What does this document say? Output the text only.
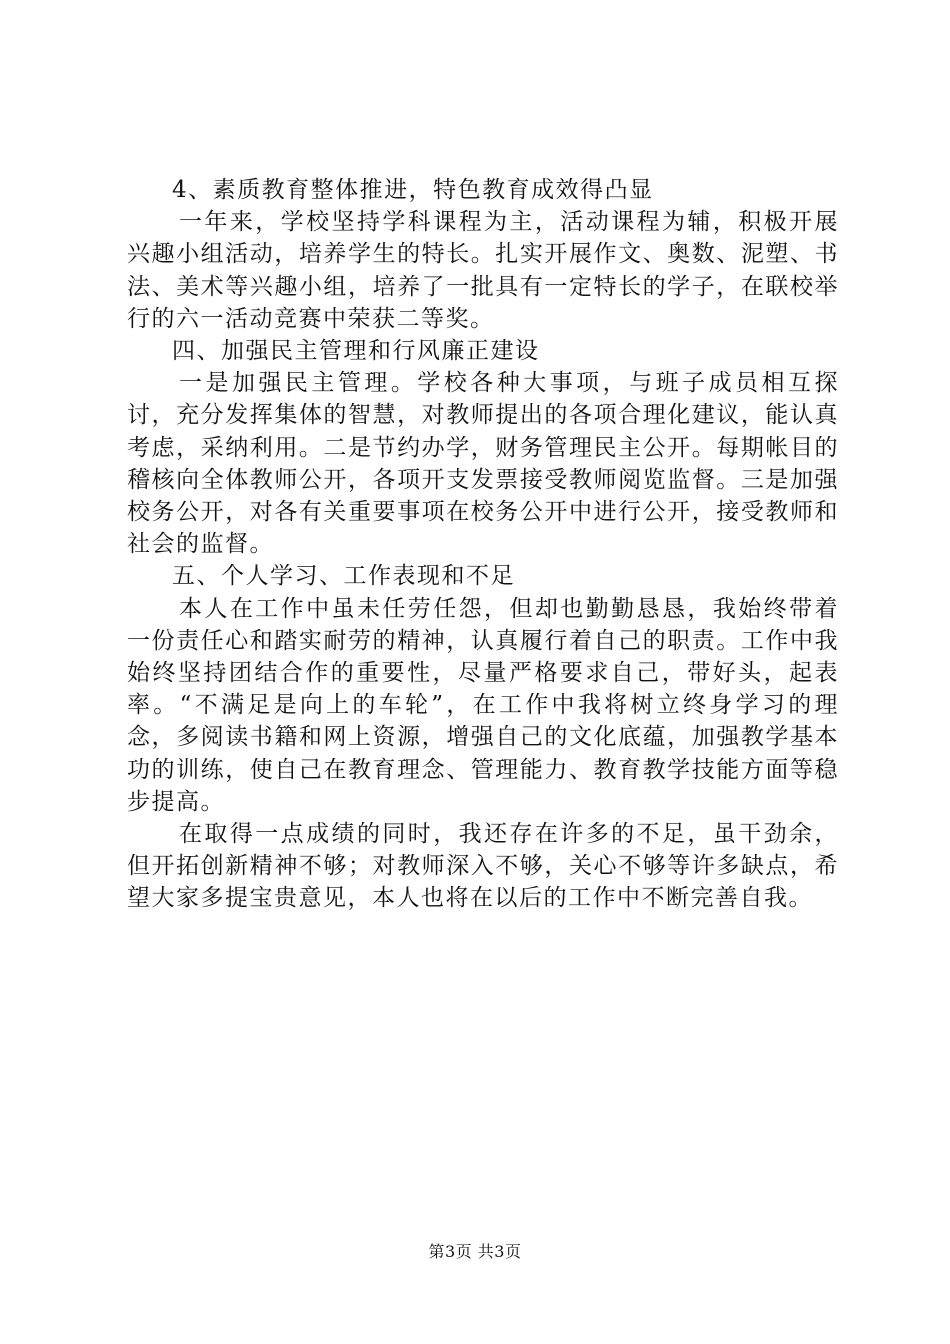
4、素质教育整体推进，特色教育成效得凸显

一年来，学校坚持学科课程为主，活动课程为辅，积极开展兴趣小组活动，培养学生的特长。扎实开展作文、奥数、泥塑、书法、美术等兴趣小组，培养了一批具有一定特长的学子，在联校举行的六一活动竞赛中荣获二等奖。

四、加强民主管理和行风廉正建设

一是加强民主管理。学校各种大事项，与班子成员相互探讨，充分发挥集体的智慧，对教师提出的各项合理化建议，能认真考虑，采纳利用。二是节约办学，财务管理民主公开。每期帐目的稽核向全体教师公开，各项开支发票接受教师阅览监督。三是加强校务公开，对各有关重要事项在校务公开中进行公开，接受教师和社会的监督。

五、个人学习、工作表现和不足

本人在工作中虽未任劳任怨，但却也勤勤恳恳，我始终带着一份责任心和踏实耐劳的精神，认真履行着自己的职责。工作中我始终坚持团结合作的重要性，尽量严格要求自己，带好头，起表率。“不满足是向上的车轮”，在工作中我将树立终身学习的理念，多阅读书籍和网上资源，增强自己的文化底蕴，加强教学基本功的训练，使自己在教育理念、管理能力、教育教学技能方面等稳步提高。

在取得一点成绩的同时，我还存在许多的不足，虽干劲余，但开拓创新精神不够；对教师深入不够，关心不够等许多缺点，希望大家多提宝贵意见，本人也将在以后的工作中不断完善自我。

第3页 共3页
